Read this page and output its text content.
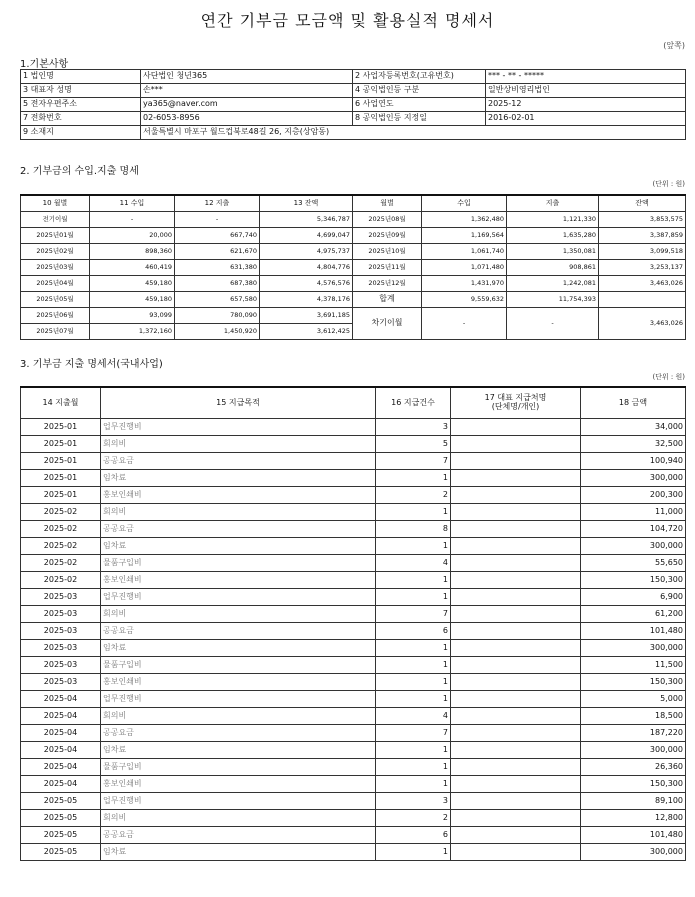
연간 기부금 모금액 및 활용실적 명세서
(앞쪽)
1.기본사항
1 법인명	사단법인 청년365	2 사업자등록번호(고유번호)	*** - ** - *****
3 대표자 성명	손***	4 공익법인등 구분	일반상비영리법인
5 전자우편주소	ya365@naver.com	6 사업연도	2025-12
7 전화번호	02-6053-8956	8 공익법인등 지정일	2016-02-01
9 소재지	서울특별시 마포구 월드컵북로48길 26, 지층(상암동)		
2. 기부금의 수입.지출 명세
(단위 : 원)
10 월별	11 수입	12 지출	13 잔액	월별	수입	지출	잔액
전기이월	-	-	5,346,787	2025년08월	1,362,480	1,121,330	3,853,575
2025년01월	20,000	667,740	4,699,047	2025년09월	1,169,564	1,635,280	3,387,859
2025년02월	898,360	621,670	4,975,737	2025년10월	1,061,740	1,350,081	3,099,518
2025년03월	460,419	631,380	4,804,776	2025년11월	1,071,480	908,861	3,253,137
2025년04월	459,180	687,380	4,576,576	2025년12월	1,431,970	1,242,081	3,463,026
2025년05월	459,180	657,580	4,378,176	합계	9,559,632	11,754,393	
2025년06월	93,099	780,090	3,691,185	차기이월	-	-	3,463,026
2025년07월	1,372,160	1,450,920	3,612,425				
3. 기부금 지출 명세서(국내사업)
(단위 : 원)
14 지출월	15 지급목적	16 지급건수	17 대표 지급처명
(단체명/개인)	18 금액
2025-01	업무진행비	3		34,000
2025-01	회의비	5		32,500
2025-01	공공요금	7		100,940
2025-01	임차료	1		300,000
2025-01	홍보인쇄비	2		200,300
2025-02	회의비	1		11,000
2025-02	공공요금	8		104,720
2025-02	임차료	1		300,000
2025-02	물품구입비	4		55,650
2025-02	홍보인쇄비	1		150,300
2025-03	업무진행비	1		6,900
2025-03	회의비	7		61,200
2025-03	공공요금	6		101,480
2025-03	임차료	1		300,000
2025-03	물품구입비	1		11,500
2025-03	홍보인쇄비	1		150,300
2025-04	업무진행비	1		5,000
2025-04	회의비	4		18,500
2025-04	공공요금	7		187,220
2025-04	임차료	1		300,000
2025-04	물품구입비	1		26,360
2025-04	홍보인쇄비	1		150,300
2025-05	업무진행비	3		89,100
2025-05	회의비	2		12,800
2025-05	공공요금	6		101,480
2025-05	임차료	1		300,000
